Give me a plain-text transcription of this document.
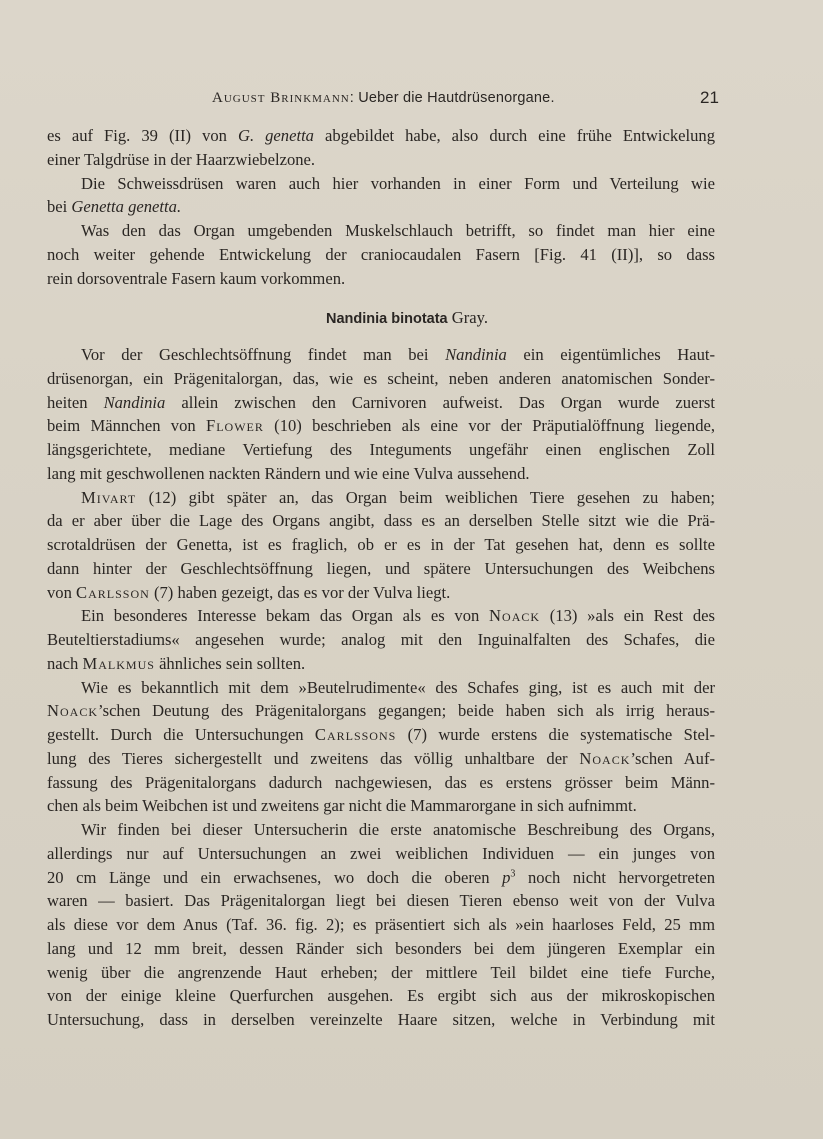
August Brinkmann: Ueber die Hautdrüsenorgane.	21
es auf Fig. 39 (II) von G. genetta abgebildet habe, also durch eine frühe Entwickelung
einer Talgdrüse in der Haarzwiebelzone.
Die Schweissdrüsen waren auch hier vorhanden in einer Form und Verteilung wie
bei Genetta genetta.
Was den das Organ umgebenden Muskelschlauch betrifft, so findet man hier eine
noch weiter gehende Entwickelung der craniocaudalen Fasern [Fig. 41 (II)], so dass
rein dorsoventrale Fasern kaum vorkommen.
Nandinia binotata Gray.
Vor der Geschlechtsöffnung findet man bei Nandinia ein eigentümliches Haut-
drüsenorgan, ein Prägenitalorgan, das, wie es scheint, neben anderen anatomischen Sonder-
heiten Nandinia allein zwischen den Carnivoren aufweist. Das Organ wurde zuerst
beim Männchen von Flower (10) beschrieben als eine vor der Präputialöffnung liegende,
längsgerichtete, mediane Vertiefung des Integuments ungefähr einen englischen Zoll
lang mit geschwollenen nackten Rändern und wie eine Vulva aussehend.
Mivart (12) gibt später an, das Organ beim weiblichen Tiere gesehen zu haben;
da er aber über die Lage des Organs angibt, dass es an derselben Stelle sitzt wie die Prä-
scrotaldrüsen der Genetta, ist es fraglich, ob er es in der Tat gesehen hat, denn es sollte
dann hinter der Geschlechtsöffnung liegen, und spätere Untersuchungen des Weibchens
von Carlsson (7) haben gezeigt, das es vor der Vulva liegt.
Ein besonderes Interesse bekam das Organ als es von Noack (13) »als ein Rest des
Beuteltierstadiums« angesehen wurde; analog mit den Inguinalfalten des Schafes, die
nach Malkmus ähnliches sein sollten.
Wie es bekanntlich mit dem »Beutelrudimente« des Schafes ging, ist es auch mit der
Noack’schen Deutung des Prägenitalorgans gegangen; beide haben sich als irrig heraus-
gestellt. Durch die Untersuchungen Carlssons (7) wurde erstens die systematische Stel-
lung des Tieres sichergestellt und zweitens das völlig unhaltbare der Noack’schen Auf-
fassung des Prägenitalorgans dadurch nachgewiesen, das es erstens grösser beim Männ-
chen als beim Weibchen ist und zweitens gar nicht die Mammarorgane in sich aufnimmt.
Wir finden bei dieser Untersucherin die erste anatomische Beschreibung des Organs,
allerdings nur auf Untersuchungen an zwei weiblichen Individuen — ein junges von
20 cm Länge und ein erwachsenes, wo doch die oberen $p^3$ noch nicht hervorgetreten
waren — basiert. Das Prägenitalorgan liegt bei diesen Tieren ebenso weit von der Vulva
als diese vor dem Anus (Taf. 36. fig. 2); es präsentiert sich als »ein haarloses Feld, 25 mm
lang und 12 mm breit, dessen Ränder sich besonders bei dem jüngeren Exemplar ein
wenig über die angrenzende Haut erheben; der mittlere Teil bildet eine tiefe Furche,
von der einige kleine Querfurchen ausgehen. Es ergibt sich aus der mikroskopischen
Untersuchung, dass in derselben vereinzelte Haare sitzen, welche in Verbindung mit
